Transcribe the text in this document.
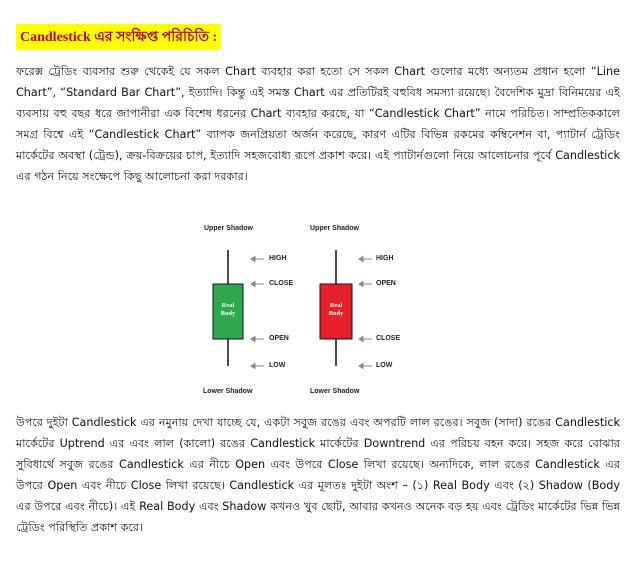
Candlestick এর সংক্ষিপ্ত পরিচিতি :

ফরেক্স ট্রেডিং ব্যবসার শুরু থেকেই যে সকল Chart ব্যবহার করা হতো সে সকল Chart গুলোর মধ্যে অন্যতম প্রধান হলো “Line Chart”, “Standard Bar Chart”, ইত্যাদি। কিন্তু এই সমস্ত Chart এর প্রতিটিরই বহুবিধ সমস্যা রয়েছে। বৈদেশিক মুদ্রা বিনিময়ের এই ব্যবসায় বহু বছর ধরে জাপানীরা এক বিশেষ ধরনের Chart ব্যবহার করছে, যা “Candlestick Chart” নামে পরিচিত। সাম্প্রতিককালে সমগ্র বিশ্বে এই “Candlestick Chart” ব্যাপক জনপ্রিয়তা অর্জন করেছে, কারণ এটির বিভিন্ন রকমের কম্বিনেশন বা, প্যাটার্ন ট্রেডিং মার্কেটের অবস্থা (ট্রেন্ড), ক্রয়-বিক্রয়ের চাপ, ইত্যাদি সহজবোধ্য রূপে প্রকাশ করে। এই প্যাটার্নগুলো নিয়ে আলোচনার পূর্বে Candlestick এর গঠন নিয়ে সংক্ষেপে কিছু আলোচনা করা দরকার।

Upper Shadow
Real Body
HIGH
CLOSE
OPEN
LOW
Lower Shadow
Upper Shadow
Real Body
HIGH
OPEN
CLOSE
LOW
Lower Shadow

উপরে দুইটা Candlestick এর নমুনায় দেখা যাচ্ছে যে, একটা সবুজ রঙের এবং অপরটি লাল রঙের। সবুজ (সাদা) রঙের Candlestick মার্কেটের Uptrend এর এবং লাল (কালো) রঙের Candlestick মার্কেটের Downtrend এর পরিচয় বহন করে। সহজ করে বোঝার সুবিধার্থে সবুজ রঙের Candlestick এর নীচে Open এবং উপরে Close লিখা রয়েছে। অন্যদিকে, লাল রঙের Candlestick এর উপরে Open এবং নীচে Close লিখা রয়েছে। Candlestick এর মূলতঃ দুইটা অংশ – (১) Real Body এবং (২) Shadow (Body এর উপরে এবং নীচে)। এই Real Body এবং Shadow কখনও খুব ছোট, আবার কখনও অনেক বড় হয় এবং ট্রেডিং মার্কেটের ভিন্ন ভিন্ন ট্রেডিং পরিস্থিতি প্রকাশ করে।
